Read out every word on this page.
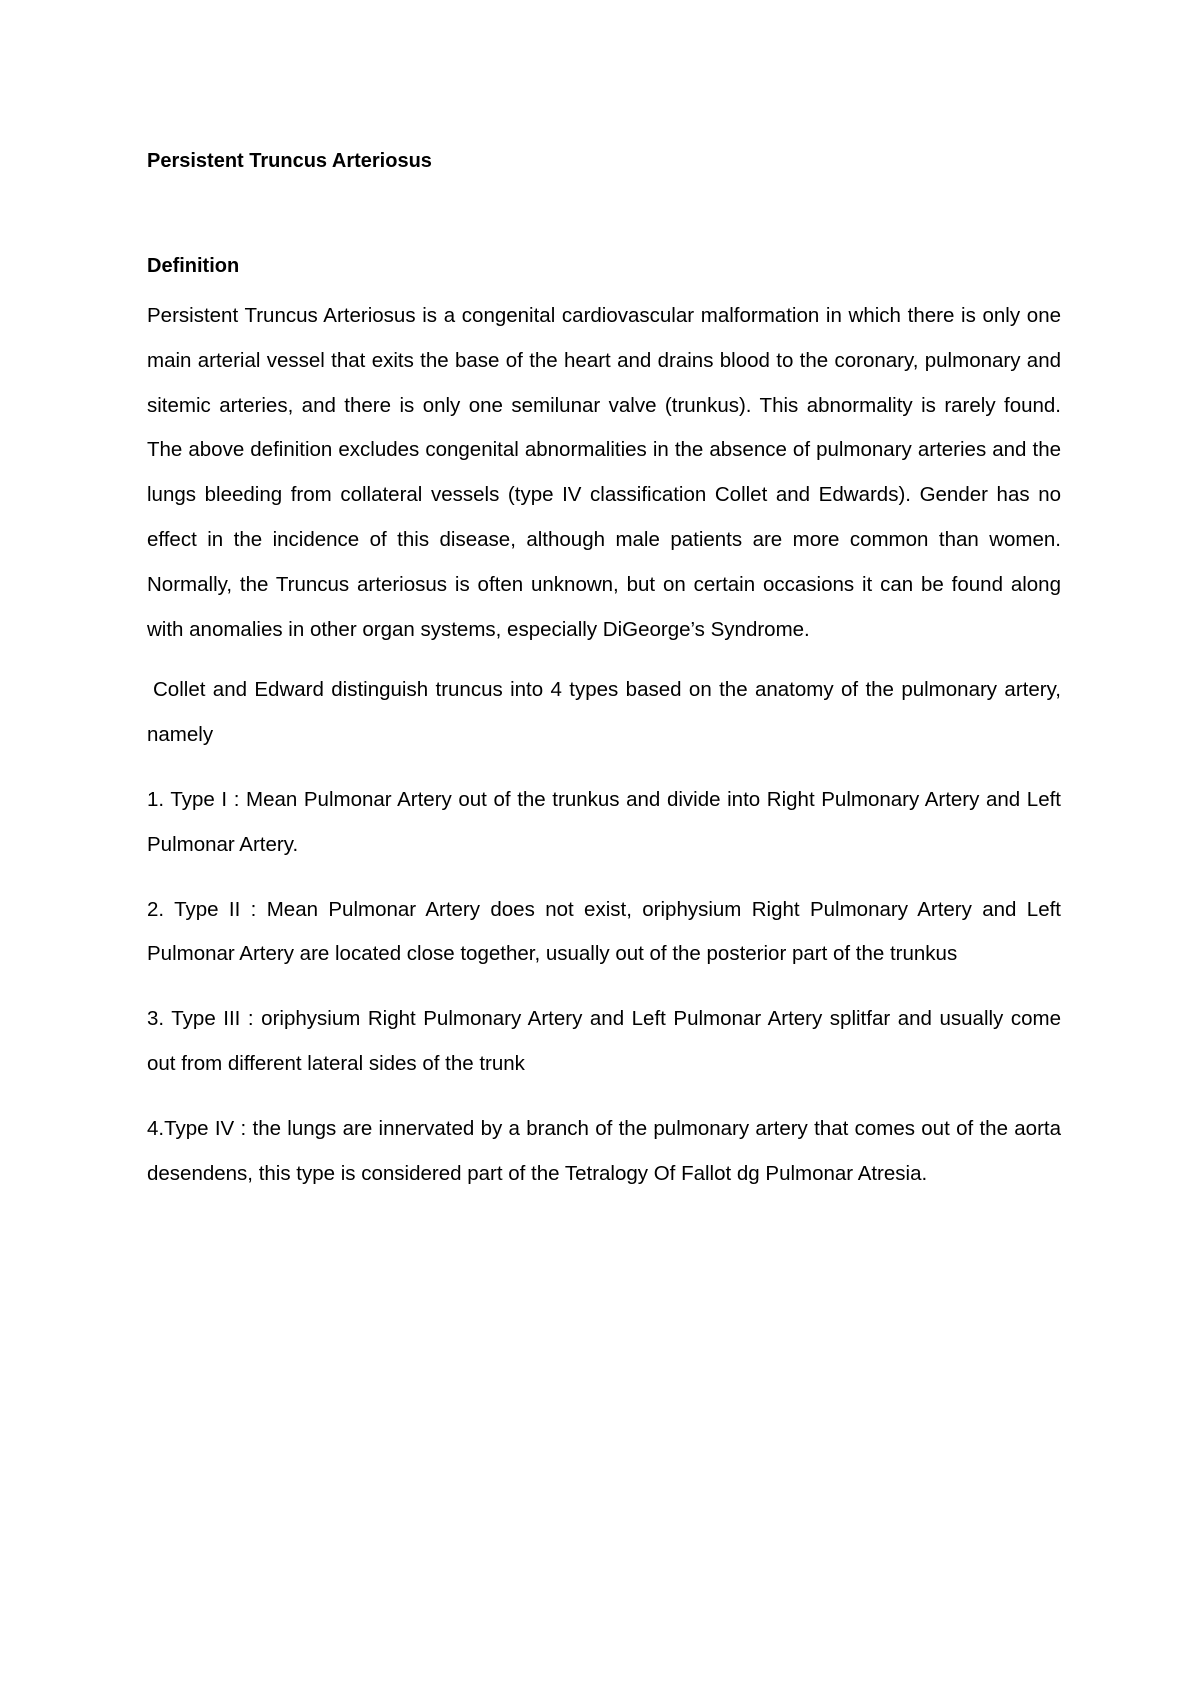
Persistent Truncus Arteriosus

Definition

Persistent Truncus Arteriosus is a congenital cardiovascular malformation in which there is only one main arterial vessel that exits the base of the heart and drains blood to the coronary, pulmonary and sitemic arteries, and there is only one semilunar valve (trunkus). This abnormality is rarely found. The above definition excludes congenital abnormalities in the absence of pulmonary arteries and the lungs bleeding from collateral vessels (type IV classification Collet and Edwards). Gender has no effect in the incidence of this disease, although male patients are more common than women. Normally, the Truncus arteriosus is often unknown, but on certain occasions it can be found along with anomalies in other organ systems, especially DiGeorge’s Syndrome.

Collet and Edward distinguish truncus into 4 types based on the anatomy of the pulmonary artery, namely

1. Type I : Mean Pulmonar Artery out of the trunkus and divide into Right Pulmonary Artery and Left Pulmonar Artery.

2. Type II : Mean Pulmonar Artery does not exist, oriphysium Right Pulmonary Artery and Left Pulmonar Artery are located close together, usually out of the posterior part of the trunkus

3. Type III : oriphysium Right Pulmonary Artery and Left Pulmonar Artery splitfar and usually come out from different lateral sides of the trunk

4.Type IV : the lungs are innervated by a branch of the pulmonary artery that comes out of the aorta desendens, this type is considered part of the Tetralogy Of Fallot dg Pulmonar Atresia.
